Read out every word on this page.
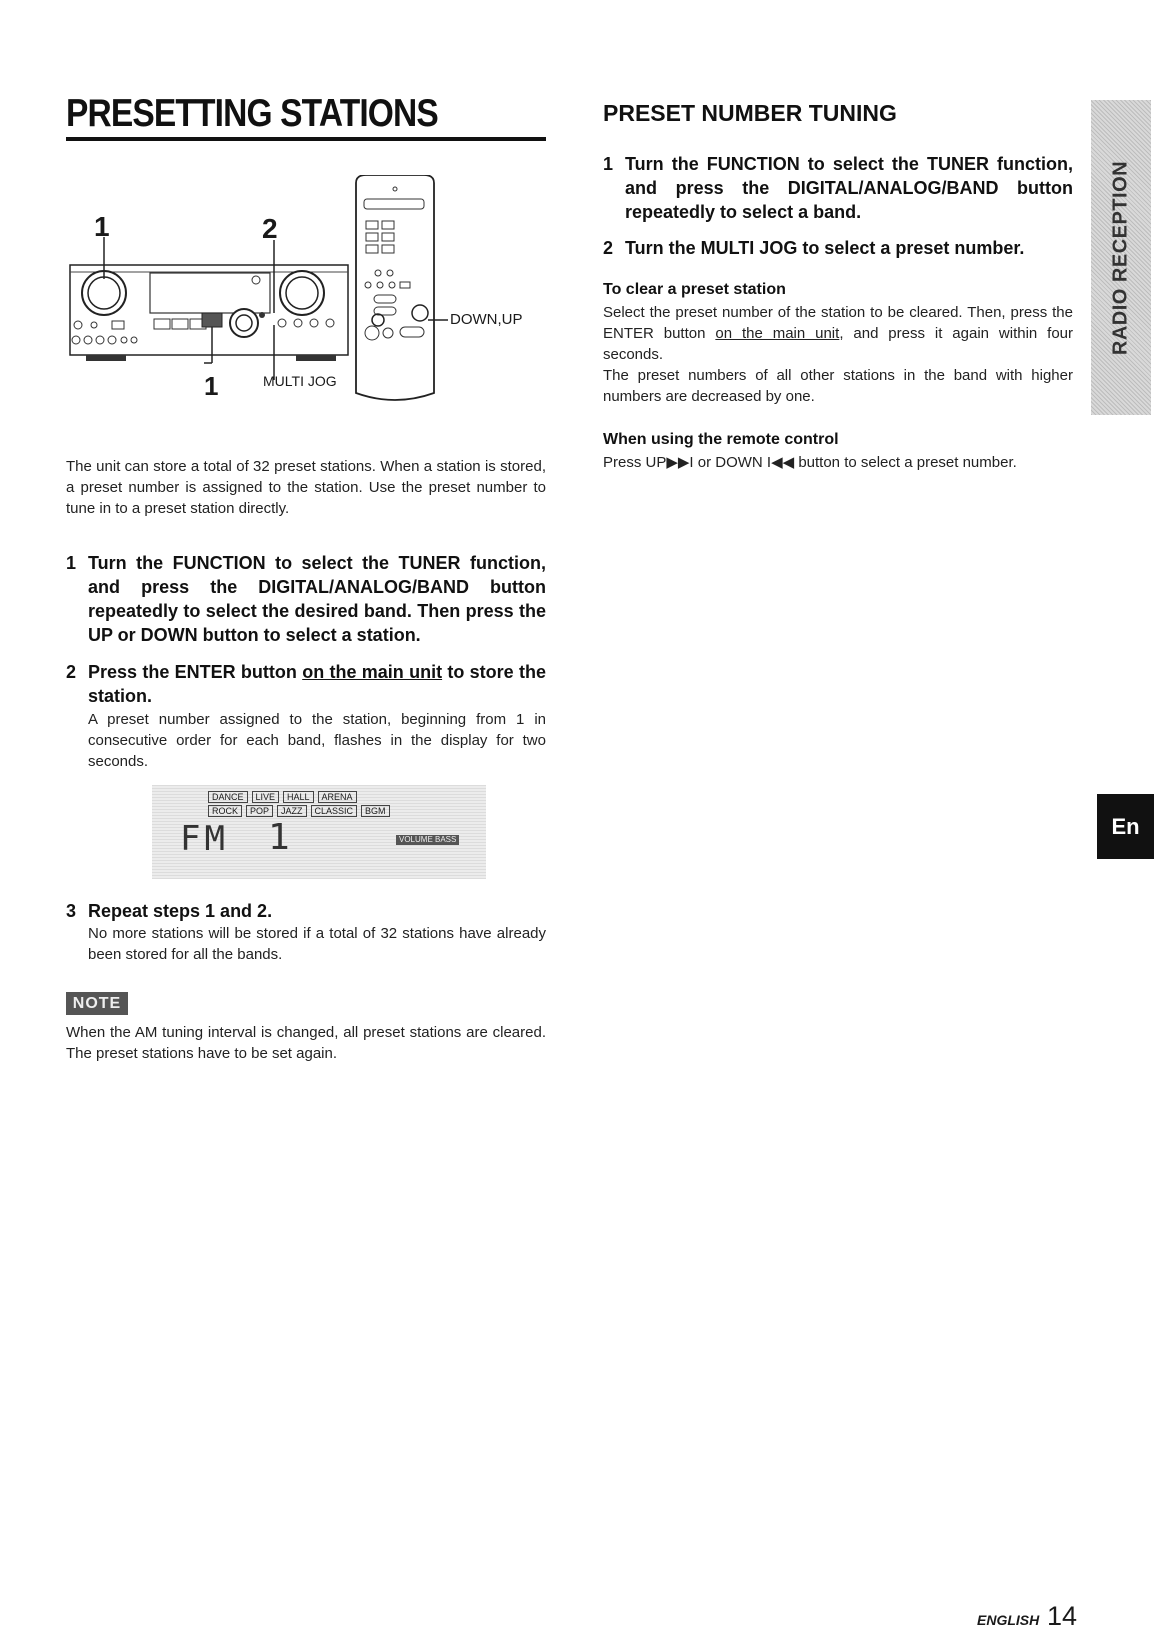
PRESETTING STATIONS
1	2
1	MULTI JOG
DOWN,UP
The unit can store a total of 32 preset stations. When a station is stored, a preset number is assigned to the station. Use the preset number to tune in to a preset station directly.
1 Turn the FUNCTION to select the TUNER function, and press the DIGITAL/ANALOG/BAND button repeatedly to select the desired band. Then press the UP or DOWN button to select a station.
2 Press the ENTER button on the main unit to store the station.
A preset number assigned to the station, beginning from 1 in consecutive order for each band, flashes in the display for two seconds.
DANCE	LIVE	HALL	ARENA
ROCK	POP	JAZZ	CLASSIC	BGM
FM 1	VOLUME BASS
3 Repeat steps 1 and 2.
No more stations will be stored if a total of 32 stations have already been stored for all the bands.
NOTE
When the AM tuning interval is changed, all preset stations are cleared. The preset stations have to be set again.
PRESET NUMBER TUNING
1 Turn the FUNCTION to select the TUNER function, and press the DIGITAL/ANALOG/BAND button repeatedly to select a band.
2 Turn the MULTI JOG to select a preset number.
To clear a preset station
Select the preset number of the station to be cleared. Then, press the ENTER button on the main unit, and press it again within four seconds.
The preset numbers of all other stations in the band with higher numbers are decreased by one.
When using the remote control
Press UP▶▶I or DOWN I◀◀ button to select a preset number.
RADIO RECEPTION
En
ENGLISH 14
